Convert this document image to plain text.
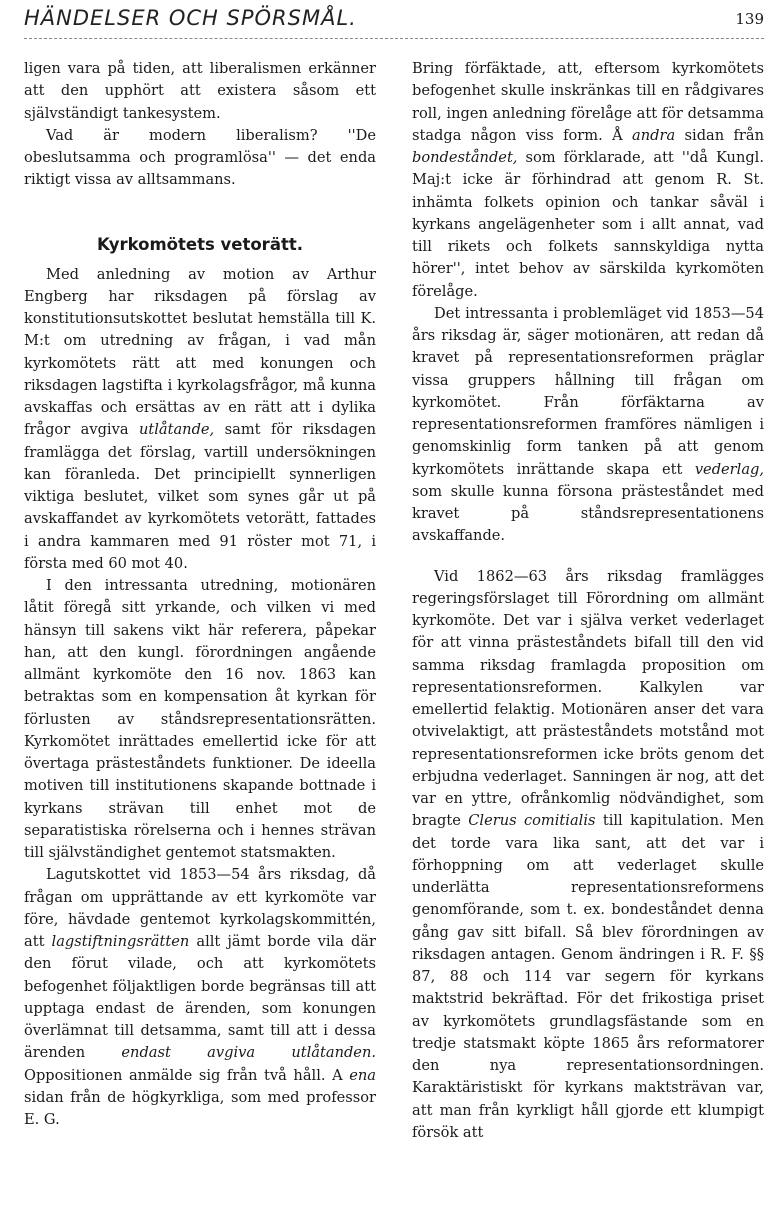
HÄNDELSER OCH SPÖRSMÅL.	139

ligen vara på tiden, att liberalismen erkänner att den upphört att existera såsom ett självständigt tankesystem.

Vad är modern liberalism? ''De obeslutsamma och programlösa'' — det enda riktigt vissa av alltsammans.

Kyrkomötets vetorätt.

Med anledning av motion av Arthur Engberg har riksdagen på förslag av konstitutionsutskottet beslutat hemställa till K. M:t om utredning av frågan, i vad mån kyrkomötets rätt att med konungen och riksdagen lagstifta i kyrkolagsfrågor, må kunna avskaffas och ersättas av en rätt att i dylika frågor avgiva utlåtande, samt för riksdagen framlägga det förslag, vartill undersökningen kan föranleda. Det principiellt synnerligen viktiga beslutet, vilket som synes går ut på avskaffandet av kyrkomötets vetorätt, fattades i andra kammaren med 91 röster mot 71, i första med 60 mot 40.

I den intressanta utredning, motionären låtit föregå sitt yrkande, och vilken vi med hänsyn till sakens vikt här referera, påpekar han, att den kungl. förordningen angående allmänt kyrkomöte den 16 nov. 1863 kan betraktas som en kompensation åt kyrkan för förlusten av ståndsrepresentationsrätten. Kyrkomötet inrättades emellertid icke för att övertaga prästeståndets funktioner. De ideella motiven till institutionens skapande bottnade i kyrkans strävan till enhet mot de separatistiska rörelserna och i hennes strävan till självständighet gentemot statsmakten.

Lagutskottet vid 1853—54 års riksdag, då frågan om upprättande av ett kyrkomöte var före, hävdade gentemot kyrkolagskommittén, att lagstiftningsrätten allt jämt borde vila där den förut vilade, och att kyrkomötets befogenhet följaktligen borde begränsas till att upptaga endast de ärenden, som konungen överlämnat till detsamma, samt till att i dessa ärenden endast avgiva utlåtanden. Oppositionen anmälde sig från två håll. A ena sidan från de högkyrkliga, som med professor E. G.

Bring förfäktade, att, eftersom kyrkomötets befogenhet skulle inskränkas till en rådgivares roll, ingen anledning förelåge att för detsamma stadga någon viss form. Å andra sidan från bondeståndet, som förklarade, att ''då Kungl. Maj:t icke är förhindrad att genom R. St. inhämta folkets opinion och tankar såväl i kyrkans angelägenheter som i allt annat, vad till rikets och folkets sannskyldiga nytta hörer'', intet behov av särskilda kyrkomöten förelåge.

Det intressanta i problemläget vid 1853—54 års riksdag är, säger motionären, att redan då kravet på representationsreformen präglar vissa gruppers hållning till frågan om kyrkomötet. Från förfäktarna av representationsreformen framföres nämligen i genomskinlig form tanken på att genom kyrkomötets inrättande skapa ett vederlag, som skulle kunna försona prästeståndet med kravet på ståndsrepresentationens avskaffande.

Vid 1862—63 års riksdag framlägges regeringsförslaget till Förordning om allmänt kyrkomöte. Det var i själva verket vederlaget för att vinna prästeståndets bifall till den vid samma riksdag framlagda proposition om representationsreformen. Kalkylen var emellertid felaktig. Motionären anser det vara otvivelaktigt, att prästeståndets motstånd mot representationsreformen icke bröts genom det erbjudna vederlaget. Sanningen är nog, att det var en yttre, ofrånkomlig nödvändighet, som bragte Clerus comitialis till kapitulation. Men det torde vara lika sant, att det var i förhoppning om att vederlaget skulle underlätta representationsreformens genomförande, som t. ex. bondeståndet denna gång gav sitt bifall. Så blev förordningen av riksdagen antagen. Genom ändringen i R. F. §§ 87, 88 och 114 var segern för kyrkans maktstrid bekräftad. För det frikostiga priset av kyrkomötets grundlagsfästande som en tredje statsmakt köpte 1865 års reformatorer den nya representationsordningen. Karaktäristiskt för kyrkans maktsträvan var, att man från kyrkligt håll gjorde ett klumpigt försök att
